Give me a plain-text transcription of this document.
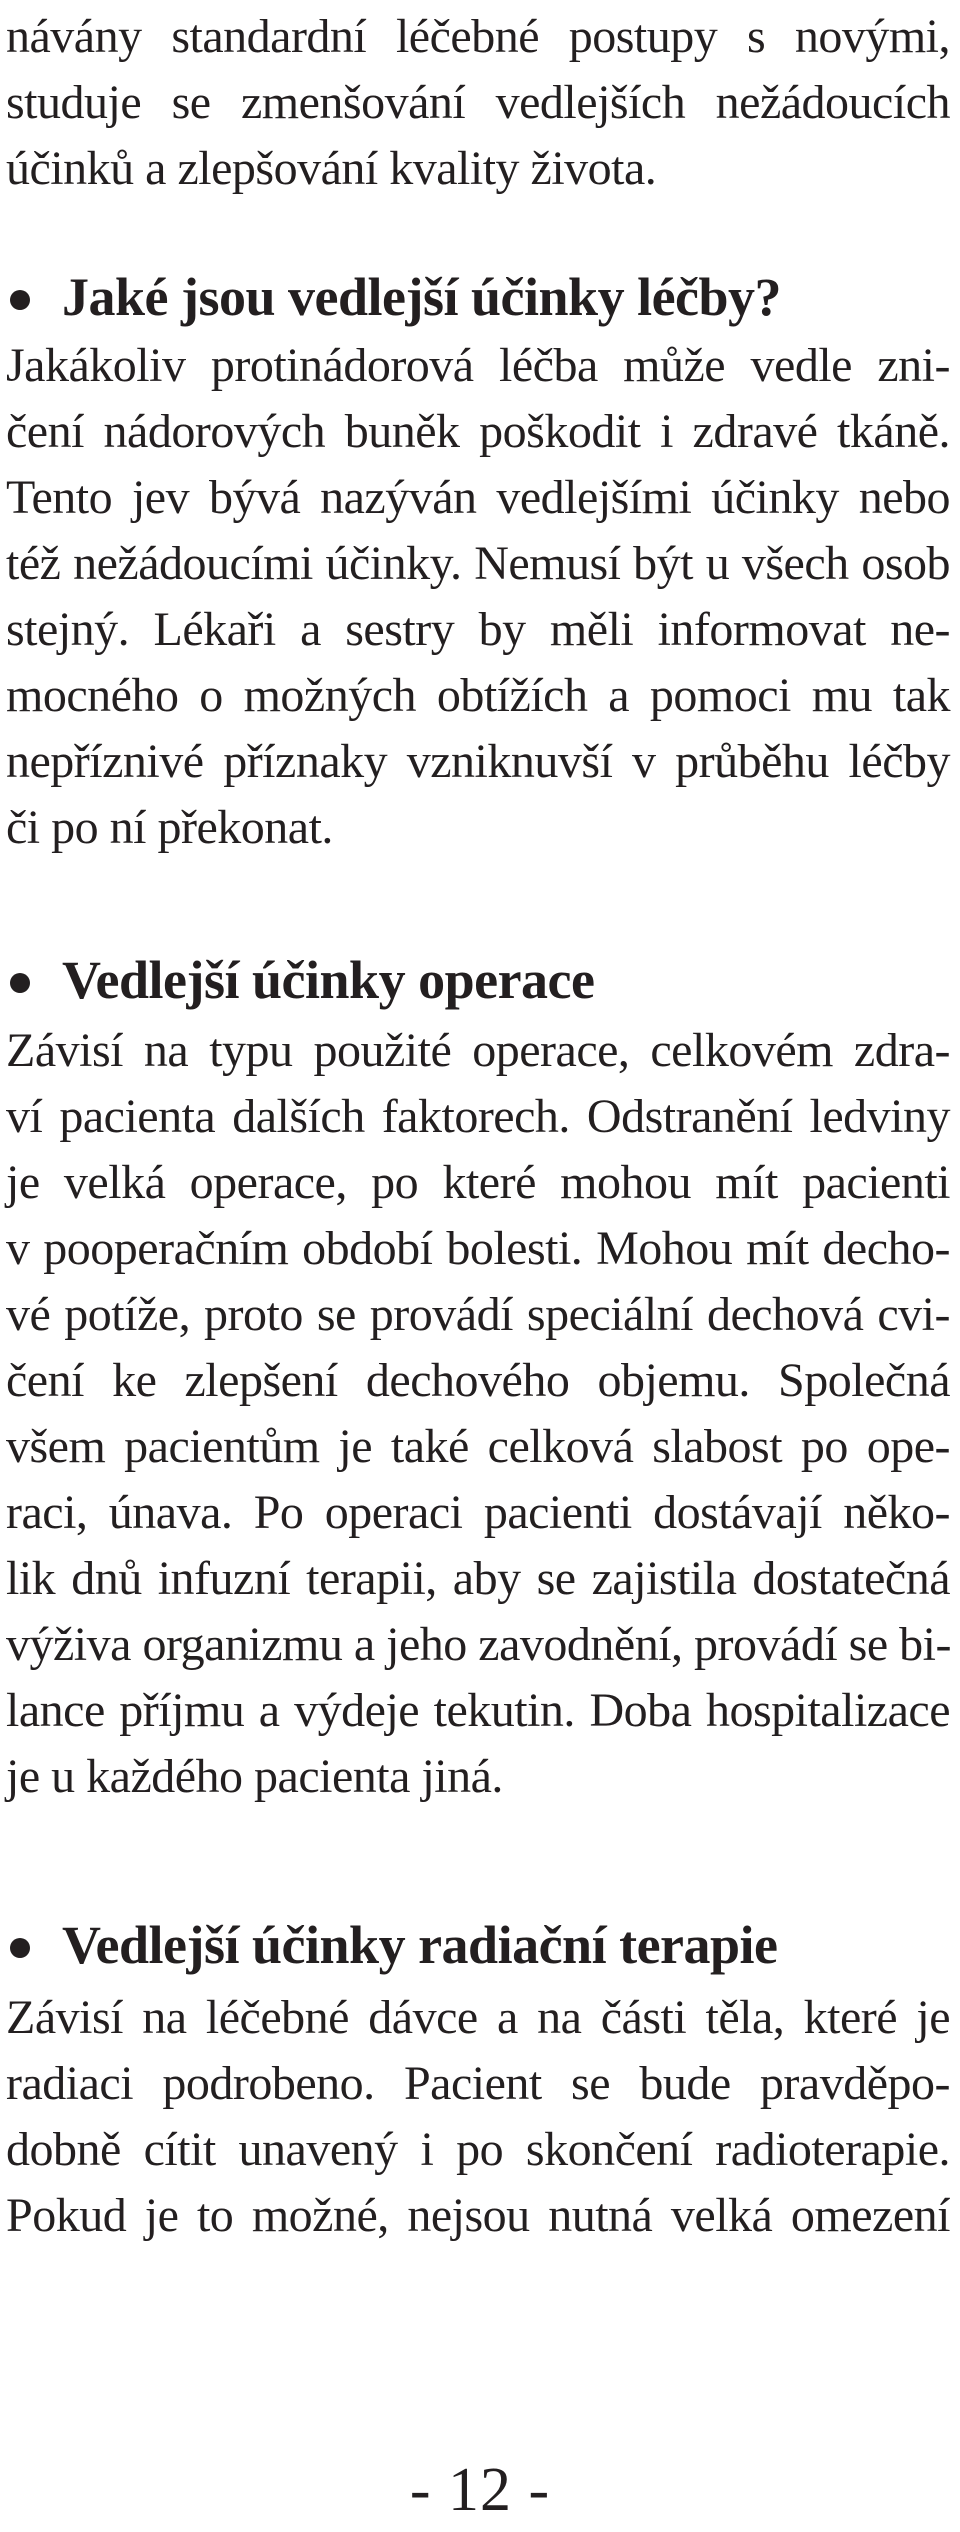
návány standardní léčebné postupy s novými,
studuje se zmenšování vedlejších nežádoucích
účinků a zlepšování kvality života.
Jaké jsou vedlejší účinky léčby?
Jakákoliv protinádorová léčba může vedle zni-
čení nádorových buněk poškodit i zdravé tkáně.
Tento jev bývá nazýván vedlejšími účinky nebo
též nežádoucími účinky. Nemusí být u všech osob
stejný. Lékaři a sestry by měli informovat ne-
mocného o možných obtížích a pomoci mu tak
nepříznivé příznaky vzniknuvší v průběhu léčby
či po ní překonat.
Vedlejší účinky operace
Závisí na typu použité operace, celkovém zdra-
ví pacienta dalších faktorech. Odstranění ledviny
je velká operace, po které mohou mít pacienti
v pooperačním období bolesti. Mohou mít decho-
vé potíže, proto se provádí speciální dechová cvi-
čení ke zlepšení dechového objemu. Společná
všem pacientům je také celková slabost po ope-
raci, únava. Po operaci pacienti dostávají něko-
lik dnů infuzní terapii, aby se zajistila dostatečná
výživa organizmu a jeho zavodnění, provádí se bi-
lance příjmu a výdeje tekutin. Doba hospitalizace
je u každého pacienta jiná.
Vedlejší účinky radiační terapie
Závisí na léčebné dávce a na části těla, které je
radiaci podrobeno. Pacient se bude pravděpo-
dobně cítit unavený i po skončení radioterapie.
Pokud je to možné, nejsou nutná velká omezení
- 12 -
